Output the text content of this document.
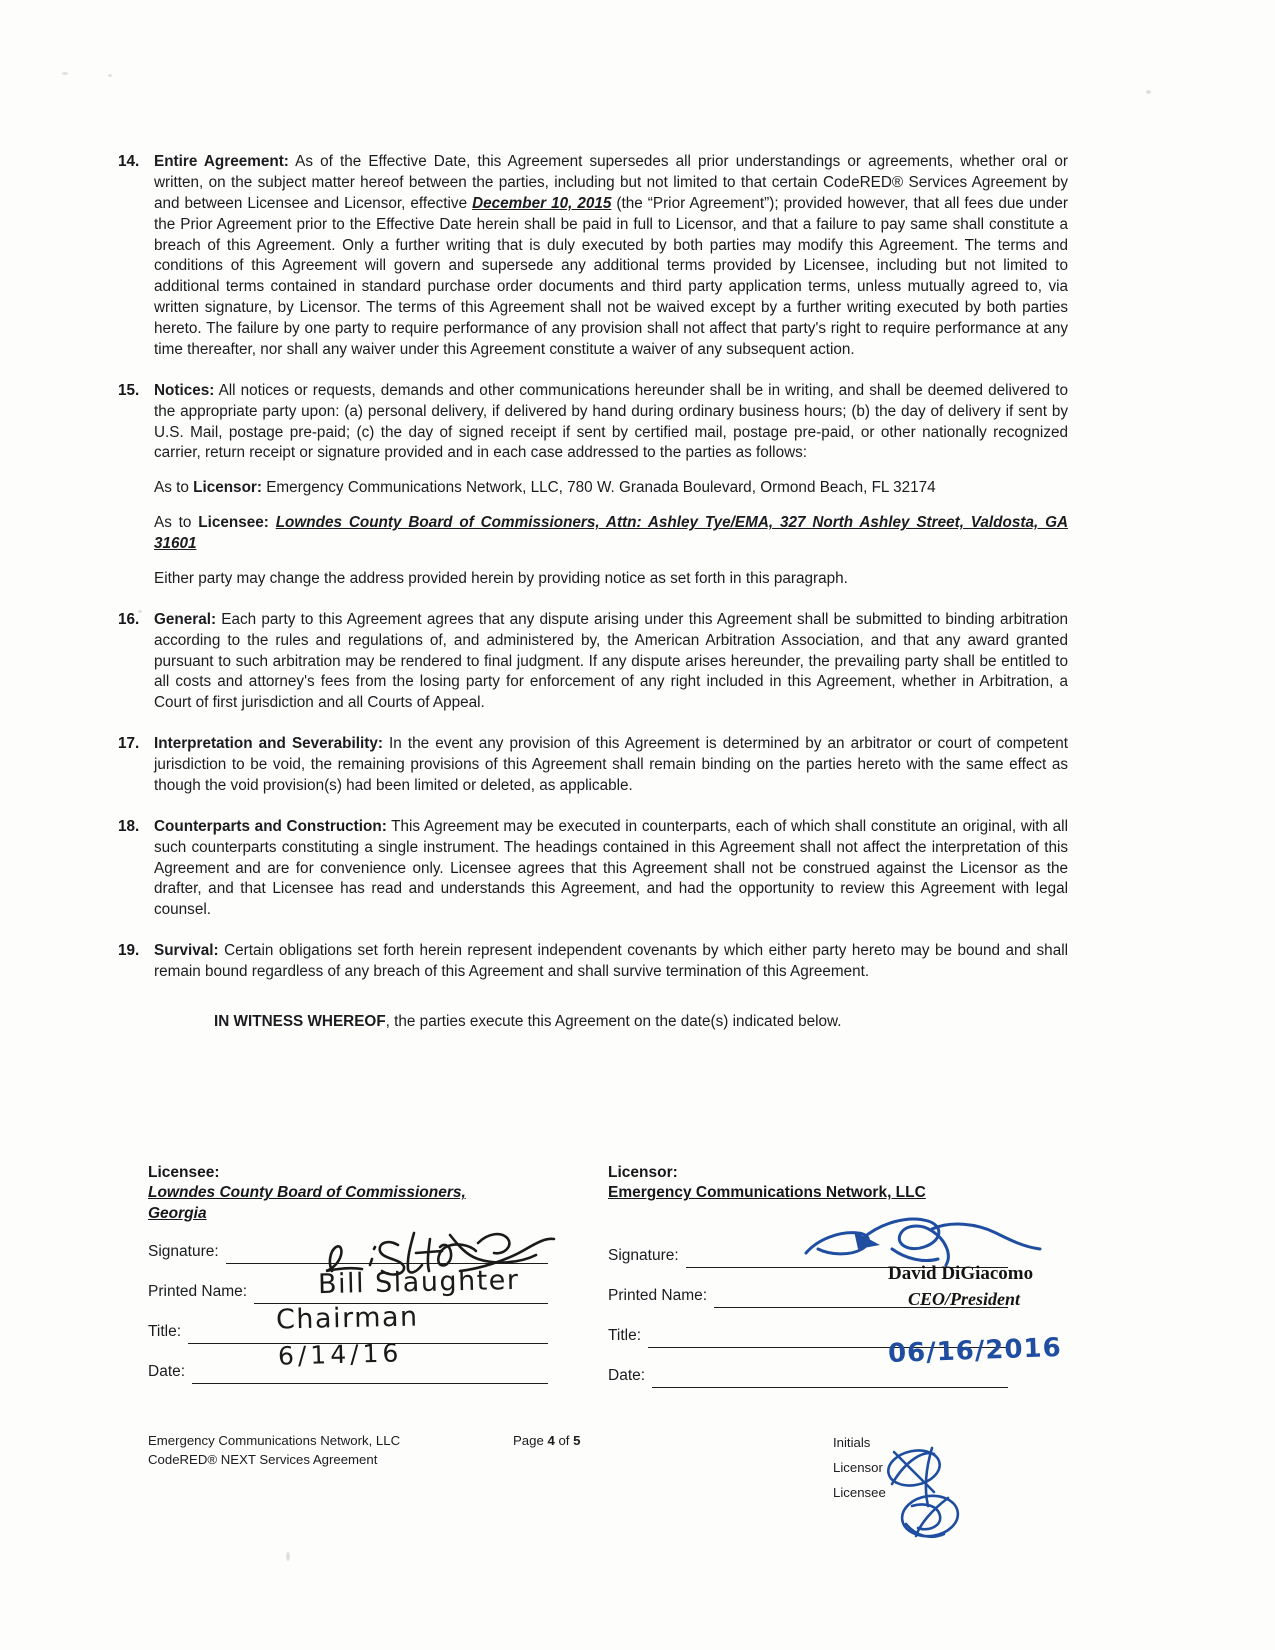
14. Entire Agreement: As of the Effective Date, this Agreement supersedes all prior understandings or agreements, whether oral or written, on the subject matter hereof between the parties, including but not limited to that certain CodeRED® Services Agreement by and between Licensee and Licensor, effective December 10, 2015 (the “Prior Agreement”); provided however, that all fees due under the Prior Agreement prior to the Effective Date herein shall be paid in full to Licensor, and that a failure to pay same shall constitute a breach of this Agreement. Only a further writing that is duly executed by both parties may modify this Agreement. The terms and conditions of this Agreement will govern and supersede any additional terms provided by Licensee, including but not limited to additional terms contained in standard purchase order documents and third party application terms, unless mutually agreed to, via written signature, by Licensor. The terms of this Agreement shall not be waived except by a further writing executed by both parties hereto. The failure by one party to require performance of any provision shall not affect that party's right to require performance at any time thereafter, nor shall any waiver under this Agreement constitute a waiver of any subsequent action.
15. Notices: All notices or requests, demands and other communications hereunder shall be in writing, and shall be deemed delivered to the appropriate party upon: (a) personal delivery, if delivered by hand during ordinary business hours; (b) the day of delivery if sent by U.S. Mail, postage pre-paid; (c) the day of signed receipt if sent by certified mail, postage pre-paid, or other nationally recognized carrier, return receipt or signature provided and in each case addressed to the parties as follows:
As to Licensor: Emergency Communications Network, LLC, 780 W. Granada Boulevard, Ormond Beach, FL 32174
As to Licensee: Lowndes County Board of Commissioners, Attn: Ashley Tye/EMA, 327 North Ashley Street, Valdosta, GA 31601
Either party may change the address provided herein by providing notice as set forth in this paragraph.
16. General: Each party to this Agreement agrees that any dispute arising under this Agreement shall be submitted to binding arbitration according to the rules and regulations of, and administered by, the American Arbitration Association, and that any award granted pursuant to such arbitration may be rendered to final judgment. If any dispute arises hereunder, the prevailing party shall be entitled to all costs and attorney's fees from the losing party for enforcement of any right included in this Agreement, whether in Arbitration, a Court of first jurisdiction and all Courts of Appeal.
17. Interpretation and Severability: In the event any provision of this Agreement is determined by an arbitrator or court of competent jurisdiction to be void, the remaining provisions of this Agreement shall remain binding on the parties hereto with the same effect as though the void provision(s) had been limited or deleted, as applicable.
18. Counterparts and Construction: This Agreement may be executed in counterparts, each of which shall constitute an original, with all such counterparts constituting a single instrument. The headings contained in this Agreement shall not affect the interpretation of this Agreement and are for convenience only. Licensee agrees that this Agreement shall not be construed against the Licensor as the drafter, and that Licensee has read and understands this Agreement, and had the opportunity to review this Agreement with legal counsel.
19. Survival: Certain obligations set forth herein represent independent covenants by which either party hereto may be bound and shall remain bound regardless of any breach of this Agreement and shall survive termination of this Agreement.
IN WITNESS WHEREOF, the parties execute this Agreement on the date(s) indicated below.
Licensee:
Lowndes County Board of Commissioners,
Georgia
Signature:
Printed Name:
Title:
Date:
Bill Slaughter
Chairman
6/14/16
Licensor:
Emergency Communications Network, LLC
Signature:
Printed Name:
Title:
Date:
David DiGiacomo
CEO/President
06/16/2016
Emergency Communications Network, LLC
CodeRED® NEXT Services Agreement
Page 4 of 5	Initials
Licensor
Licensee
